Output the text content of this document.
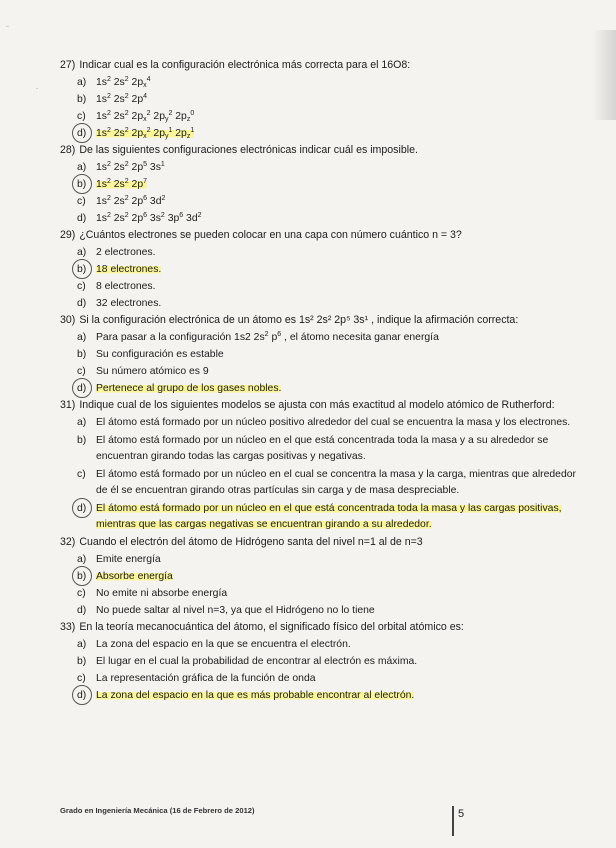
27) Indicar cual es la configuración electrónica más correcta para el 16O8:

a) $1s^2$ $2s^2$ $2p_x^4$
b) $1s^2$ $2s^2$ $2p^4$
c) $1s^2$ $2s^2$ $2p_x^2$ $2p_y^2$ $2p_z^0$
d) $1s^2$ $2s^2$ $2p_x^2$ $2p_y^1$ $2p_z^1$

28) De las siguientes configuraciones electrónicas indicar cuál es imposible.

a) $1s^2$ $2s^2$ $2p^5$ $3s^1$
b) $1s^2$ $2s^2$ $2p^7$
c) $1s^2$ $2s^2$ $2p^6$ $3d^2$
d) $1s^2$ $2s^2$ $2p^6$ $3s^2$ $3p^6$ $3d^2$

29) ¿Cuántos electrones se pueden colocar en una capa con número cuántico n = 3?

a) 2 electrones.
b) 18 electrones.
c) 8 electrones.
d) 32 electrones.

30) Si la configuración electrónica de un átomo es 1s² 2s² 2p⁵ 3s¹ , indique la afirmación correcta:

a) Para pasar a la configuración 1s2 $2s^2$ $p^6$ , el átomo necesita ganar energía
b) Su configuración es estable
c) Su número atómico es 9
d) Pertenece al grupo de los gases nobles.

31) Indique cual de los siguientes modelos se ajusta con más exactitud al modelo atómico de Rutherford:

a) El átomo está formado por un núcleo positivo alrededor del cual se encuentra la masa y los electrones.
b) El átomo está formado por un núcleo en el que está concentrada toda la masa y a su alrededor se encuentran girando todas las cargas positivas y negativas.
c) El átomo está formado por un núcleo en el cual se concentra la masa y la carga, mientras que alrededor de él se encuentran girando otras partículas sin carga y de masa despreciable.
d) El átomo está formado por un núcleo en el que está concentrada toda la masa y las cargas positivas, mientras que las cargas negativas se encuentran girando a su alrededor.

32) Cuando el electrón del átomo de Hidrógeno santa del nivel n=1 al de n=3

a) Emite energía
b) Absorbe energía
c) No emite ni absorbe energía
d) No puede saltar al nivel n=3, ya que el Hidrógeno no lo tiene

33) En la teoría mecanocuántica del átomo, el significado físico del orbital atómico es:

a) La zona del espacio en la que se encuentra el electrón.
b) El lugar en el cual la probabilidad de encontrar al electrón es máxima.
c) La representación gráfica de la función de onda
d) La zona del espacio en la que es más probable encontrar al electrón.
Grado en Ingeniería Mecánica (16 de Febrero de 2012)	5
